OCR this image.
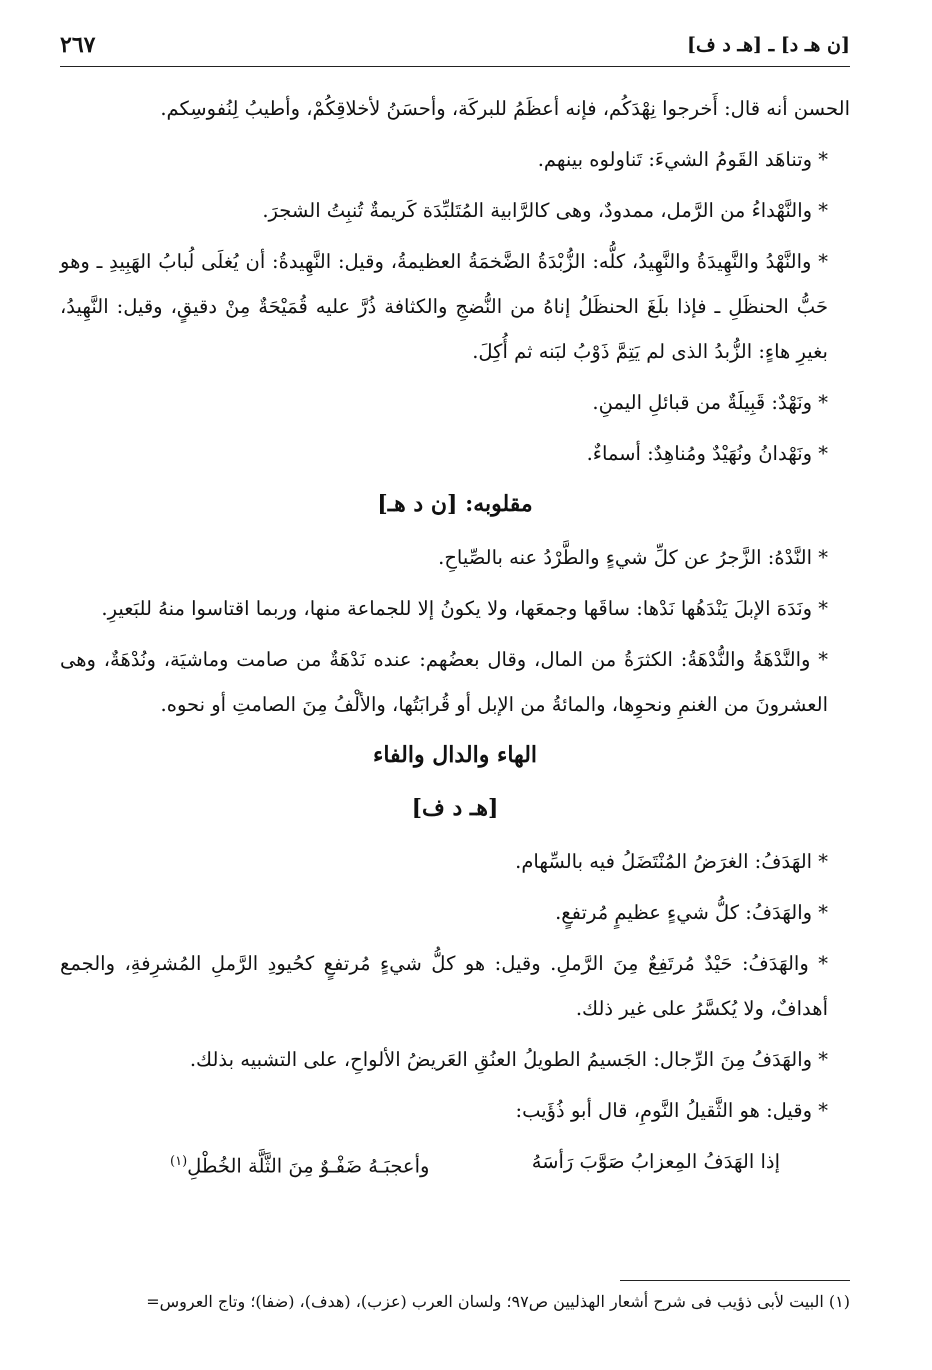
[ن هـ د] ـ [هـ د ف]
٢٦٧

الحسن أنه قال: أَخرجوا نِهْدَكُم، فإنه أعظَمُ للبركَة، وأحسَنُ لأخلاقِكُمْ، وأطيبُ لِنُفوسِكم.

* وتناهَد القَومُ الشيءَ: تَناولوه بينهم.

* والنَّهْداءُ من الرَّمل، ممدودٌ، وهى كالرَّابية المُتَلبِّدَة كَريمةٌ تُنبِتُ الشجرَ.

* والنَّهْدُ والنَّهِيدَةُ والنَّهِيدُ، كلُّه: الزُّبْدَةُ الضَّخمَةُ العظيمةُ، وقيل: النَّهِيدةُ: أن يُغلَى لُبابُ الهَبِيدِ ـ وهو حَبُّ الحنظَلِ ـ فإذا بلَغَ الحنظَلُ إناهُ من النُّضجِ والكثافة ذُرَّ عليه قُمَيْحَةٌ مِنْ دقيقٍ، وقيل: النَّهِيدُ، بغيرِ هاءٍ: الزُّبدُ الذى لم يَتِمَّ ذَوْبُ لبَنه ثم أُكِلَ.

* ونَهْدٌ: قَبِيلَةٌ من قبائلِ اليمنِ.

* ونَهْدانُ ونُهَيْدٌ ومُناهِدٌ: أسماءٌ.

مقلوبه: [ن د هـ]

* النَّدْهُ: الزَّجرُ عن كلِّ شيءٍ والطَّرْدُ عنه بالصِّياحِ.

* ونَدَهَ الإبلَ يَنْدَهُها نَدْها: ساقَها وجمعَها، ولا يكونُ إلا للجماعة منها، وربما اقتاسوا منهُ للبَعيرِ.

* والنَّدْهَةُ والنُّدْهَةُ: الكثرَةُ من المال، وقال بعضُهم: عنده نَدْهَةٌ من صامت وماشيَة، ونُدْهَةٌ، وهى العشرونَ من الغنمِ ونحوِها، والمائةُ من الإبل أو قُرابَتُها، والألْفُ مِنَ الصامتِ أو نحوه.

الهاء والدال والفاء
[هـ د ف]

* الهَدَفُ: الغرَضُ المُنْتَضَلُ فيه بالسِّهام.

* والهَدَفُ: كلُّ شيءٍ عظيمٍ مُرتفعٍ.

* والهَدَفُ: حَيْدٌ مُرتَفِعٌ مِنَ الرَّملِ. وقيل: هو كلُّ شيءٍ مُرتفعٍ كحُيودِ الرَّملِ المُشرِفةِ، والجمع أهدافٌ، ولا يُكسَّرُ على غير ذلك.

* والهَدَفُ مِنَ الرِّجال: الجَسيمُ الطويلُ العنُقِ العَريضُ الألواحِ، على التشبيه بذلك.

* وقيل: هو الثَّقيلُ النَّومِ، قال أبو ذُؤَيب:

إذا الهَدَفُ المِعزابُ صَوَّبَ رَأسَهُ
وأعجبَـهُ ضَفْـوٌ مِنَ الثَّلَّة الخُطْلِ$^{(١)}$
(١) البيت لأبى ذؤيب فى شرح أشعار الهذليين ص٩٧؛ ولسان العرب (عزب)، (هدف)، (ضفا)؛ وتاج العروس=
